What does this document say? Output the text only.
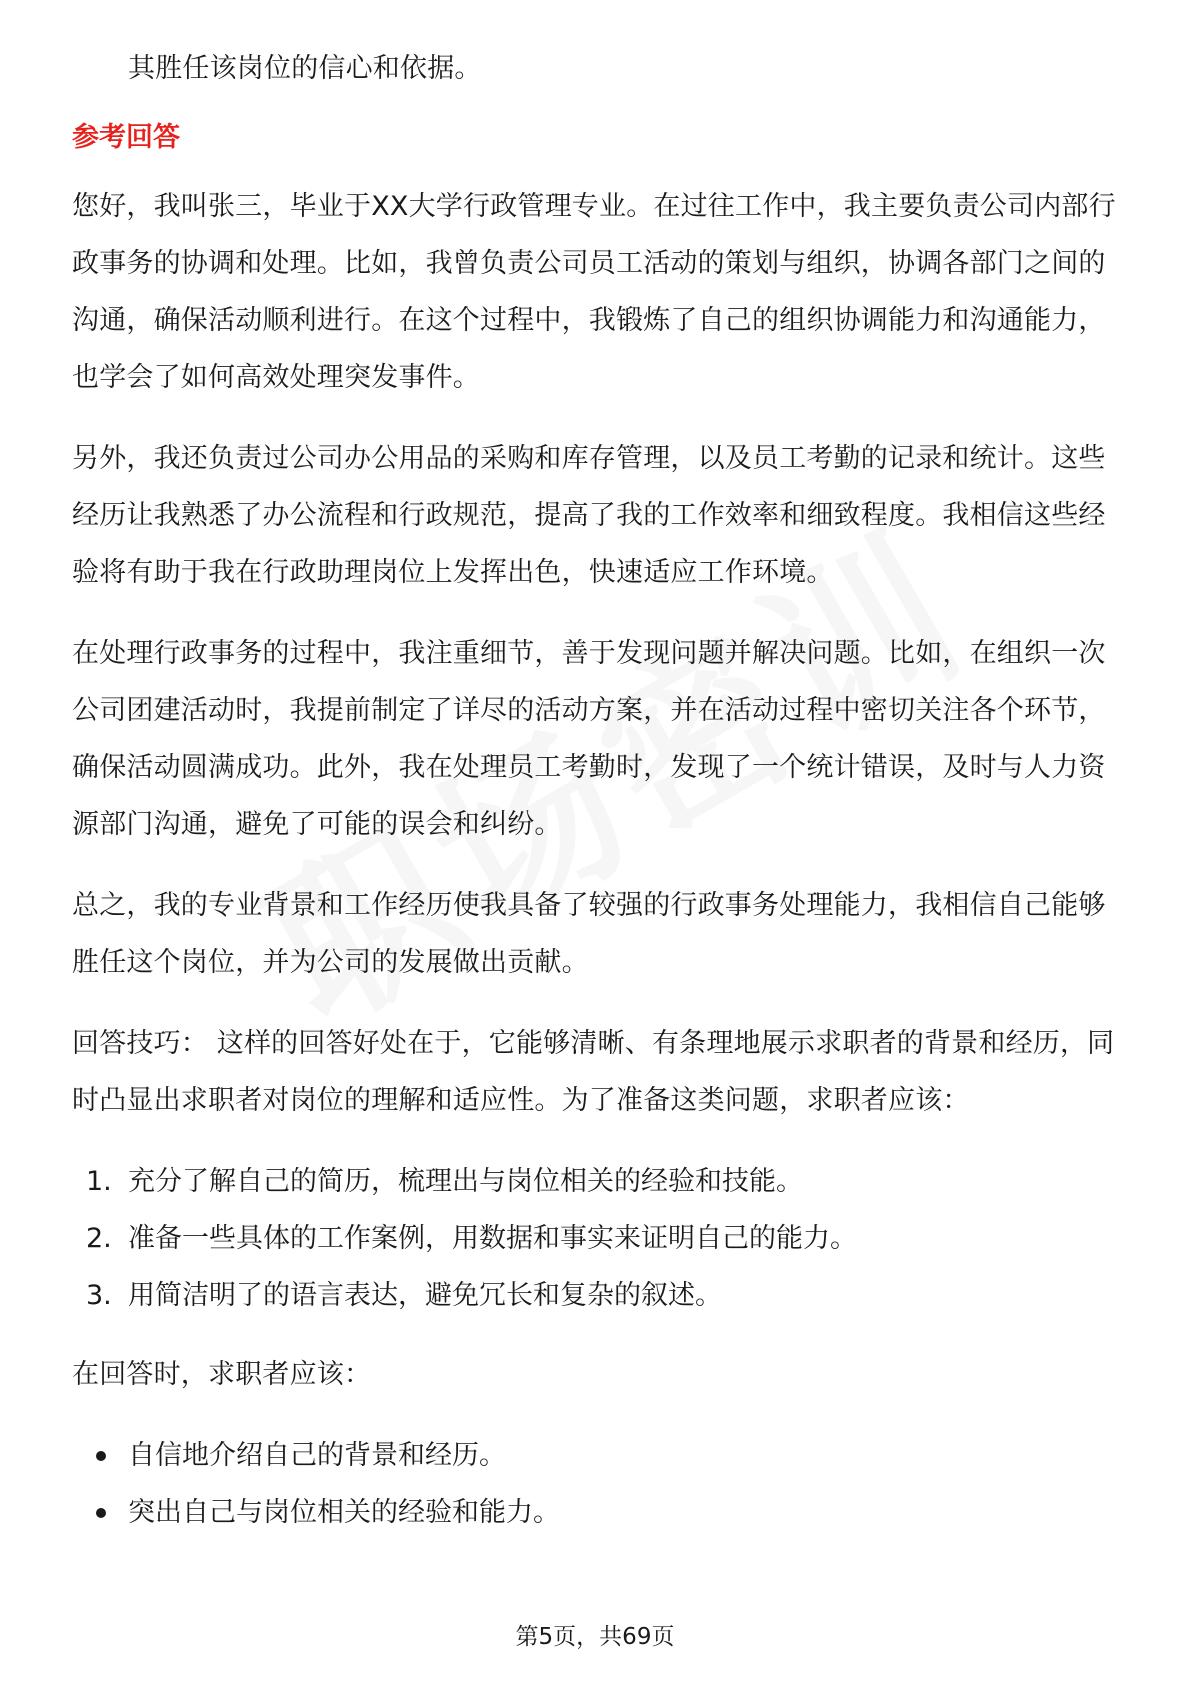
其胜任该岗位的信心和依据。

参考回答

您好，我叫张三，毕业于XX大学行政管理专业。在过往工作中，我主要负责公司内部行政事务的协调和处理。比如，我曾负责公司员工活动的策划与组织，协调各部门之间的沟通，确保活动顺利进行。在这个过程中，我锻炼了自己的组织协调能力和沟通能力，也学会了如何高效处理突发事件。

另外，我还负责过公司办公用品的采购和库存管理，以及员工考勤的记录和统计。这些经历让我熟悉了办公流程和行政规范，提高了我的工作效率和细致程度。我相信这些经验将有助于我在行政助理岗位上发挥出色，快速适应工作环境。

在处理行政事务的过程中，我注重细节，善于发现问题并解决问题。比如，在组织一次公司团建活动时，我提前制定了详尽的活动方案，并在活动过程中密切关注各个环节，确保活动圆满成功。此外，我在处理员工考勤时，发现了一个统计错误，及时与人力资源部门沟通，避免了可能的误会和纠纷。

总之，我的专业背景和工作经历使我具备了较强的行政事务处理能力，我相信自己能够胜任这个岗位，并为公司的发展做出贡献。

回答技巧： 这样的回答好处在于，它能够清晰、有条理地展示求职者的背景和经历，同时凸显出求职者对岗位的理解和适应性。为了准备这类问题，求职者应该：

1. 充分了解自己的简历，梳理出与岗位相关的经验和技能。
2. 准备一些具体的工作案例，用数据和事实来证明自己的能力。
3. 用简洁明了的语言表达，避免冗长和复杂的叙述。

在回答时，求职者应该：

自信地介绍自己的背景和经历。
突出自己与岗位相关的经验和能力。
第5页，共69页
